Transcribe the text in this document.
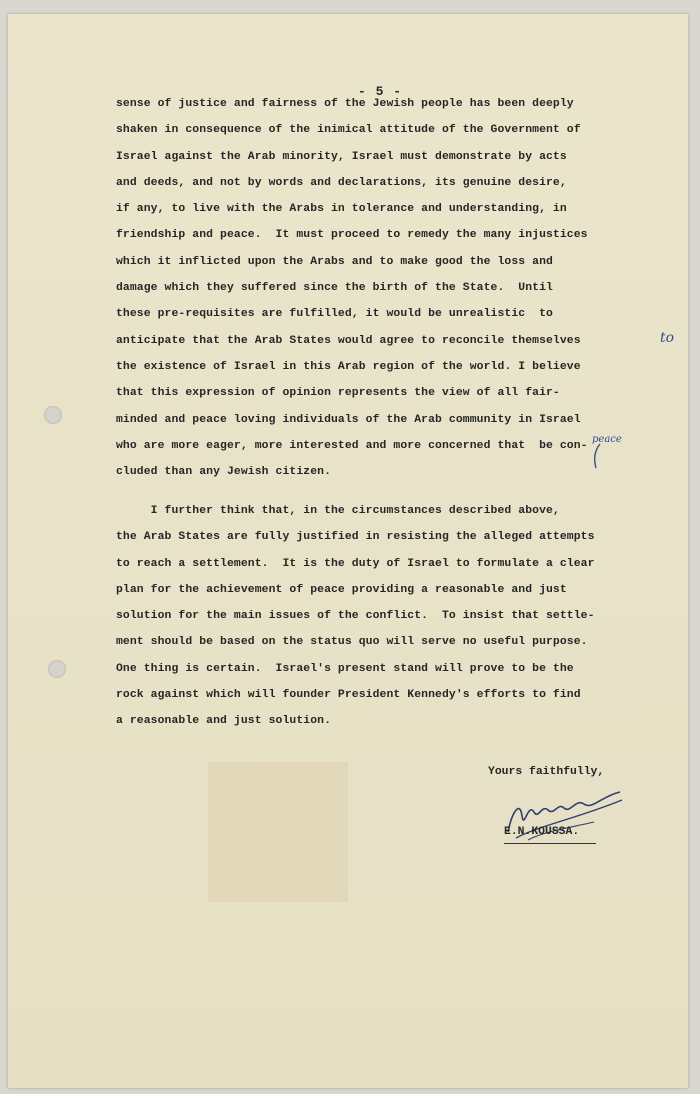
- 5 -
sense of justice and fairness of the Jewish people has been deeply
shaken in consequence of the inimical attitude of the Government of
Israel against the Arab minority, Israel must demonstrate by acts
and deeds, and not by words and declarations, its genuine desire,
if any, to live with the Arabs in tolerance and understanding, in
friendship and peace.  It must proceed to remedy the many injustices
which it inflicted upon the Arabs and to make good the loss and
damage which they suffered since the birth of the State.  Until
these pre-requisites are fulfilled, it would be unrealistic  to
anticipate that the Arab States would agree to reconcile themselves
the existence of Israel in this Arab region of the world. I believe
that this expression of opinion represents the view of all fair-
minded and peace loving individuals of the Arab community in Israel
who are more eager, more interested and more concerned that  be con-
cluded than any Jewish citizen.
I further think that, in the circumstances described above,
the Arab States are fully justified in resisting the alleged attempts
to reach a settlement.  It is the duty of Israel to formulate a clear
plan for the achievement of peace providing a reasonable and just
solution for the main issues of the conflict.  To insist that settle-
ment should be based on the status quo will serve no useful purpose.
One thing is certain.  Israel's present stand will prove to be the
rock against which will founder President Kennedy's efforts to find
a reasonable and just solution.
to
peace
Yours faithfully,
E.N.KOUSSA.
